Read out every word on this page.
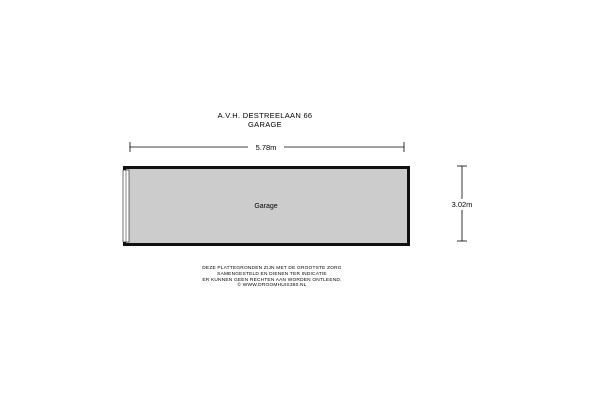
A.V.H. DESTREELAAN 66
GARAGE
5.78m
3.02m
Garage
DEZE PLATTEGRONDEN ZIJN MET DE GROOTSTE ZORG
SAMENGESTELD EN DIENEN TER INDICATIE
ER KUNNEN GEEN RECHTEN AAN WORDEN ONTLEEND.
© WWW.DROOMHUIS360.NL
